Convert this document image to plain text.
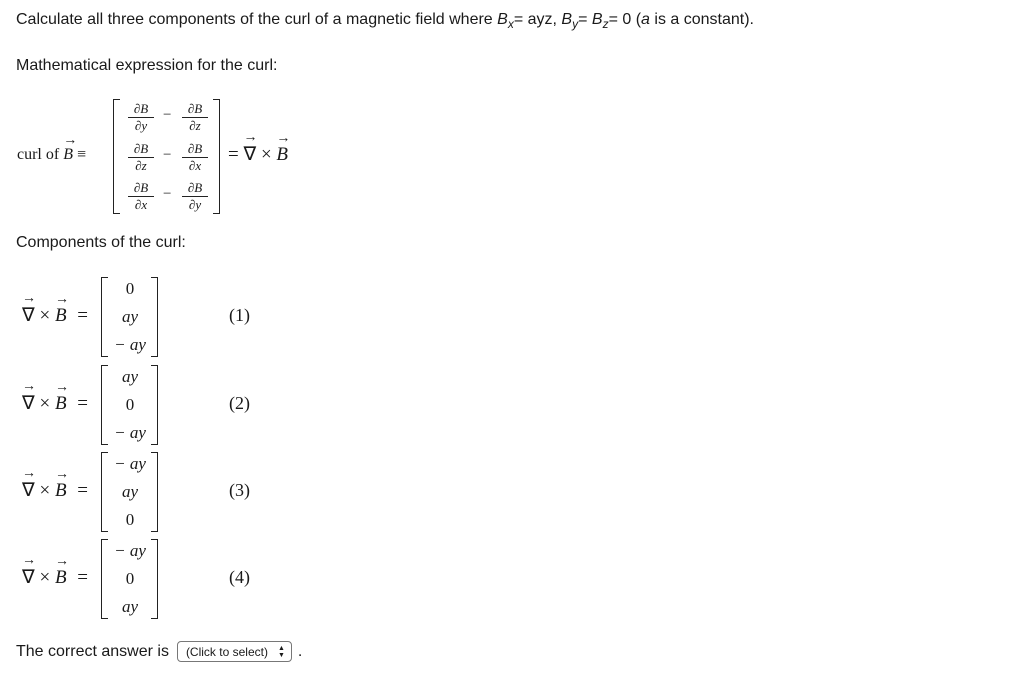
Calculate all three components of the curl of a magnetic field where $B_x=$ ayz, $B_y= B_z= 0$ (a is a constant).
Mathematical expression for the curl:
curl of → B ≡
$\frac{\partial B}{\partial y} - \frac{\partial B}{\partial z}$
$\frac{\partial B}{\partial z} - \frac{\partial B}{\partial x}$
$\frac{\partial B}{\partial x} - \frac{\partial B}{\partial y}$
= → ∇ × → B
Components of the curl:
→ ∇ × → B =
0
ay
− ay
(1)
→ ∇ × → B =
ay
0
− ay
(2)
→ ∇ × → B =
− ay
ay
0
(3)
→ ∇ × → B =
− ay
0
ay
(4)
The correct answer is (Click to select) ▲
▼ .
